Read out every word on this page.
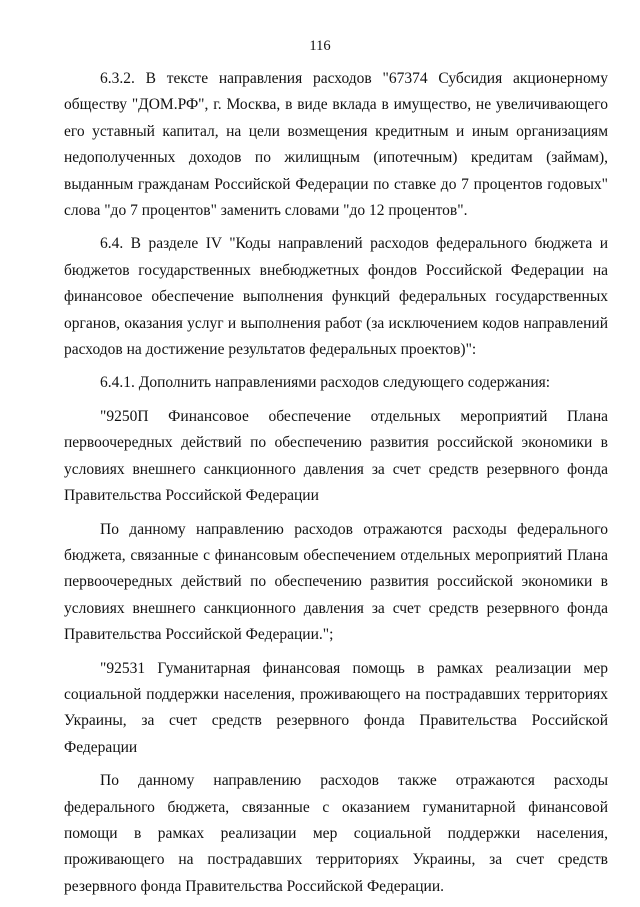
116

6.3.2. В тексте направления расходов "67374 Субсидия акционерному обществу "ДОМ.РФ", г. Москва, в виде вклада в имущество, не увеличивающего его уставный капитал, на цели возмещения кредитным и иным организациям недополученных доходов по жилищным (ипотечным) кредитам (займам), выданным гражданам Российской Федерации по ставке до 7 процентов годовых" слова "до 7 процентов" заменить словами "до 12 процентов".

6.4. В разделе IV "Коды направлений расходов федерального бюджета и бюджетов государственных внебюджетных фондов Российской Федерации на финансовое обеспечение выполнения функций федеральных государственных органов, оказания услуг и выполнения работ (за исключением кодов направлений расходов на достижение результатов федеральных проектов)":

6.4.1. Дополнить направлениями расходов следующего содержания:

"9250П Финансовое обеспечение отдельных мероприятий Плана первоочередных действий по обеспечению развития российской экономики в условиях внешнего санкционного давления за счет средств резервного фонда Правительства Российской Федерации

По данному направлению расходов отражаются расходы федерального бюджета, связанные с финансовым обеспечением отдельных мероприятий Плана первоочередных действий по обеспечению развития российской экономики в условиях внешнего санкционного давления за счет средств резервного фонда Правительства Российской Федерации.";

"92531 Гуманитарная финансовая помощь в рамках реализации мер социальной поддержки населения, проживающего на пострадавших территориях Украины, за счет средств резервного фонда Правительства Российской Федерации

По данному направлению расходов также отражаются расходы федерального бюджета, связанные с оказанием гуманитарной финансовой помощи в рамках реализации мер социальной поддержки населения, проживающего на пострадавших территориях Украины, за счет средств резервного фонда Правительства Российской Федерации.
